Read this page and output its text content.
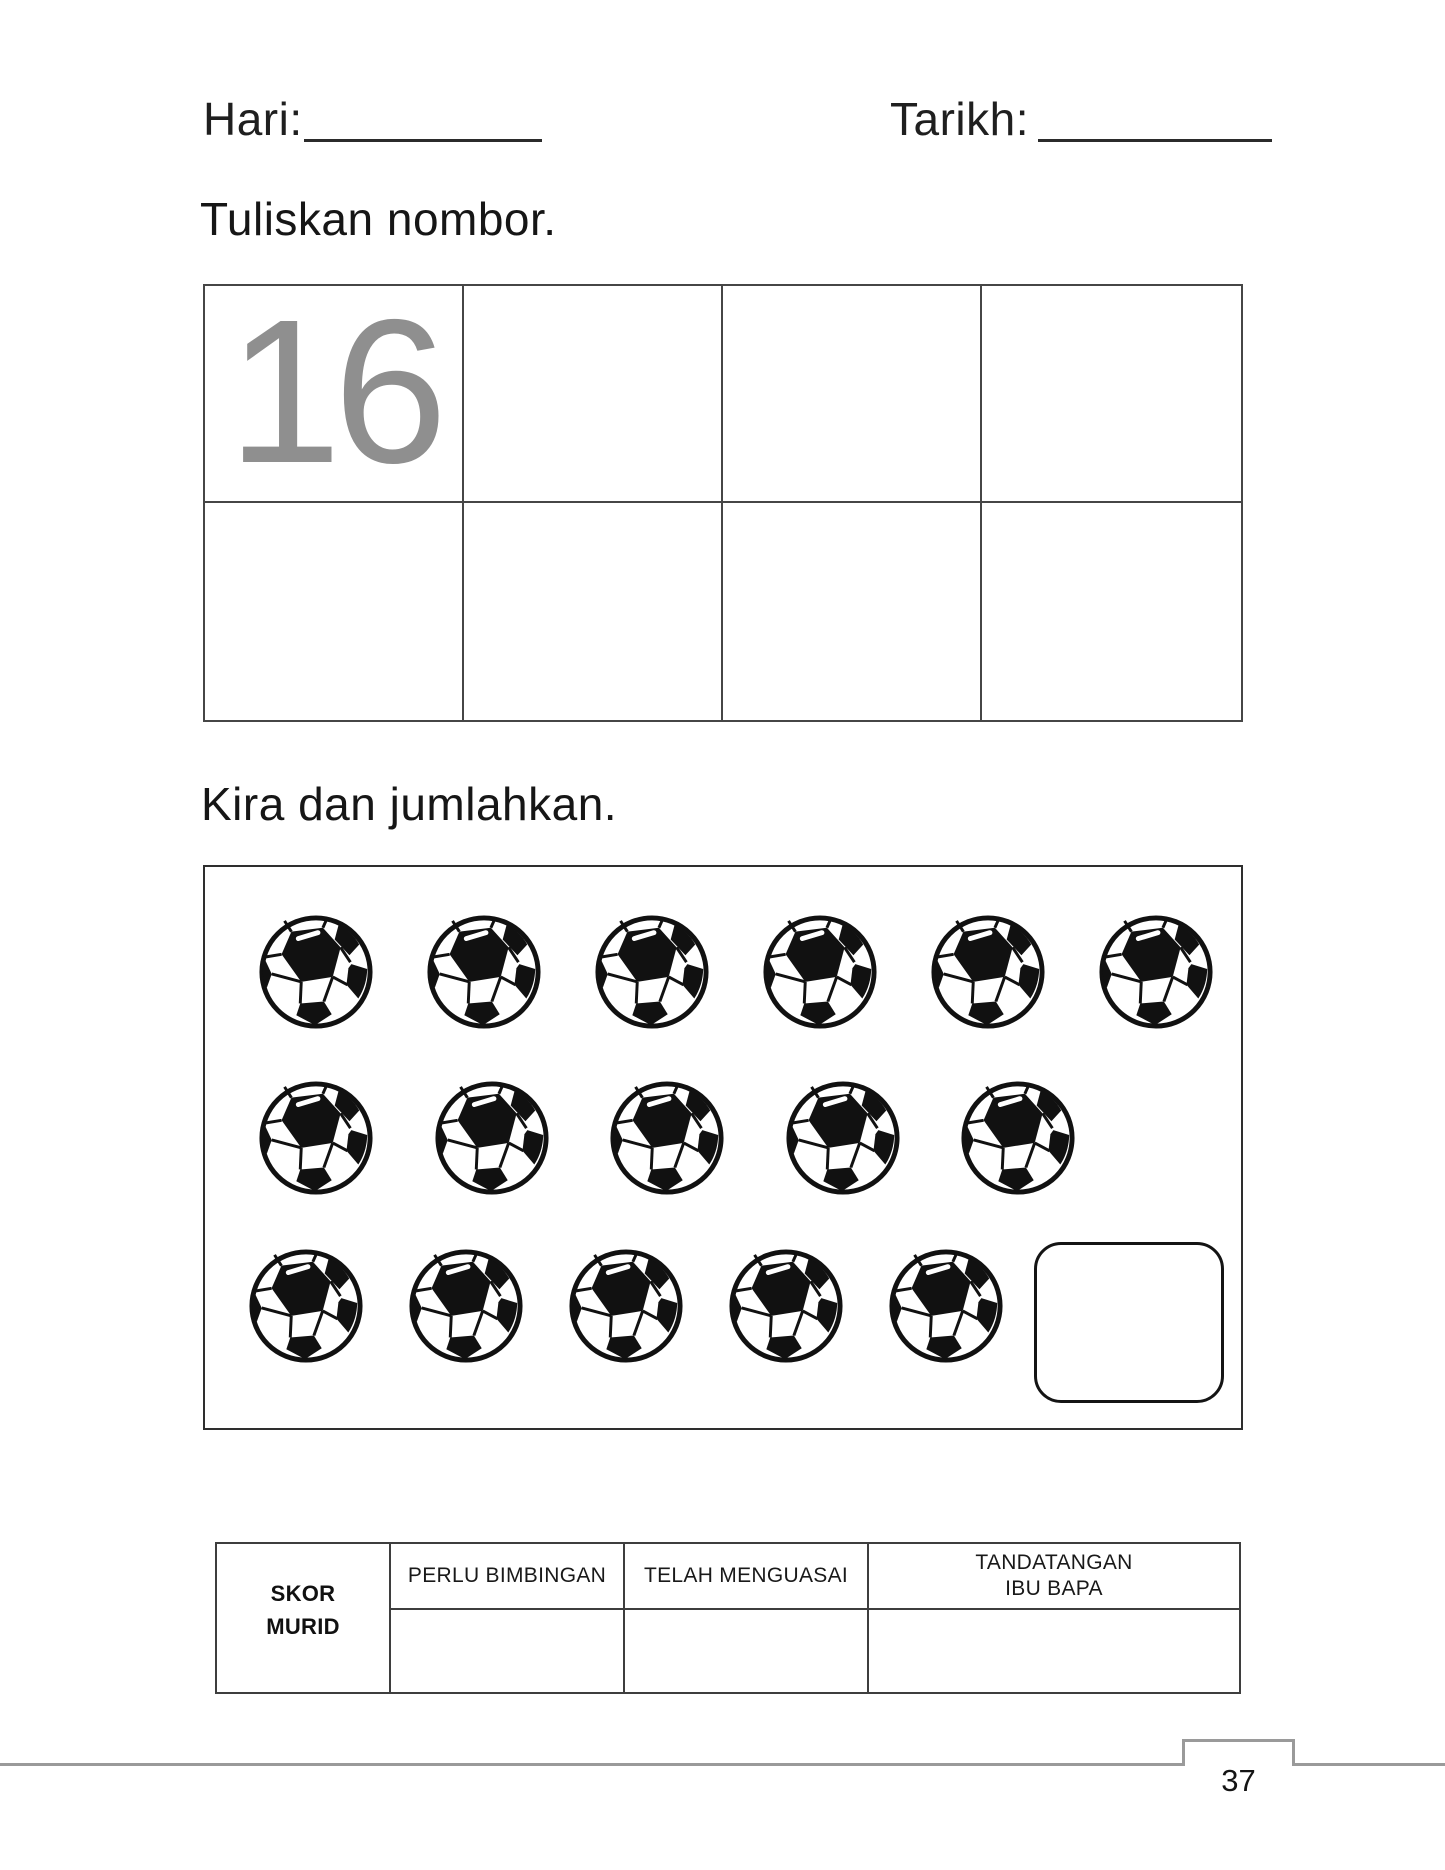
Hari:	Tarikh:
Tuliskan nombor.
16
Kira dan jumlahkan.
SKOR
MURID
PERLU BIMBINGAN	TELAH MENGUASAI
TANDATANGAN
IBU BAPA
37
